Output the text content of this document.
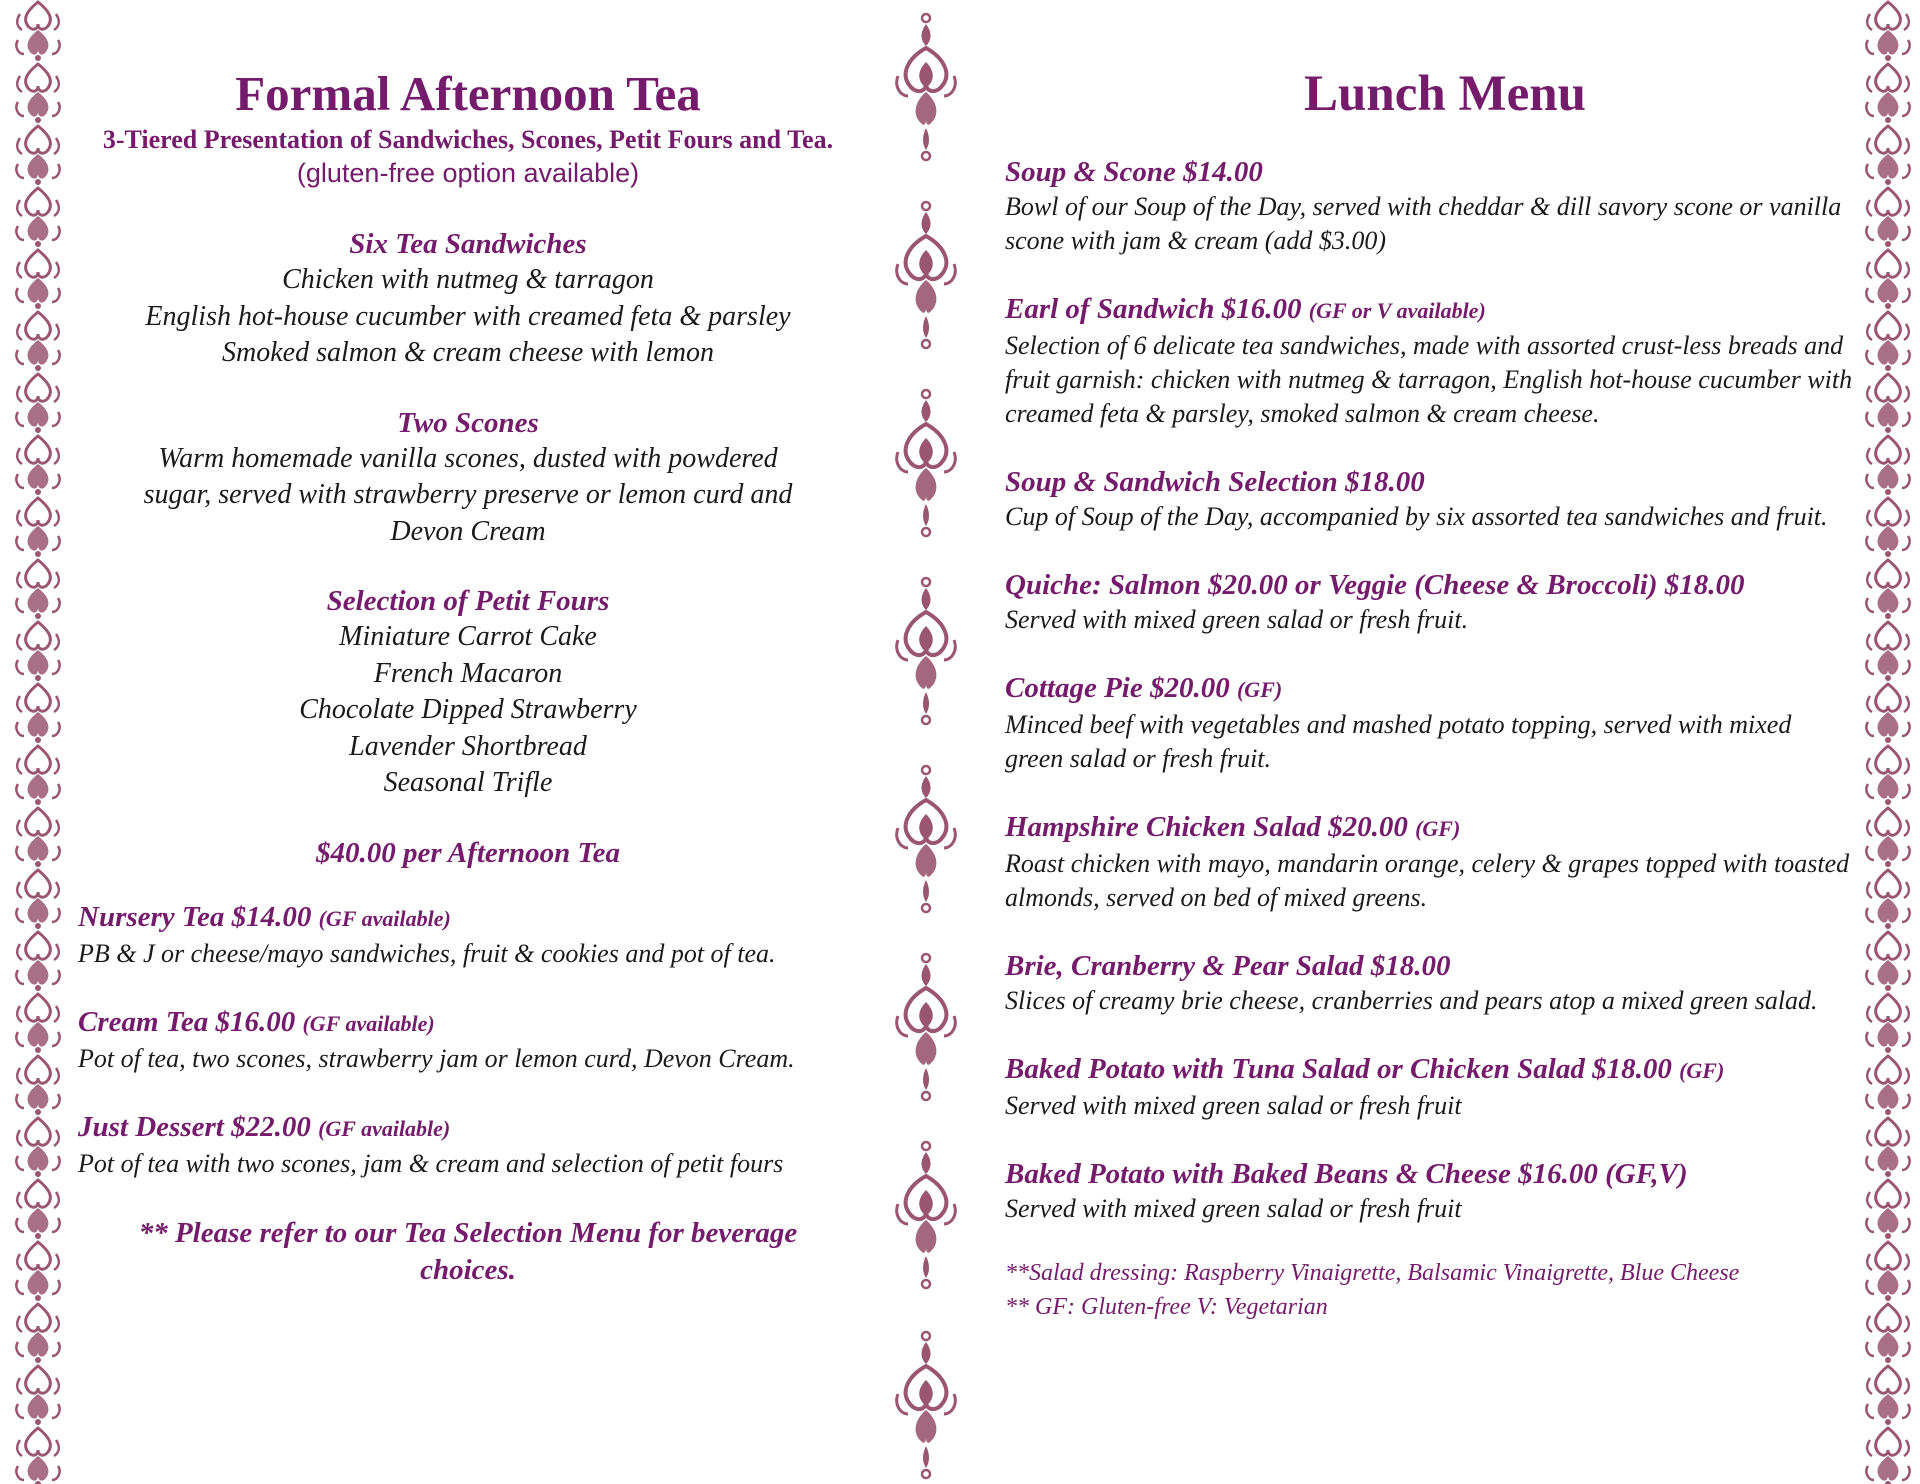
Formal Afternoon Tea
3-Tiered Presentation of Sandwiches, Scones, Petit Fours and Tea.
(gluten-free option available)
Six Tea Sandwiches
Chicken with nutmeg & tarragon
English hot-house cucumber with creamed feta & parsley
Smoked salmon & cream cheese with lemon
Two Scones
Warm homemade vanilla scones, dusted with powdered
sugar, served with strawberry preserve or lemon curd and
Devon Cream
Selection of Petit Fours
Miniature Carrot Cake
French Macaron
Chocolate Dipped Strawberry
Lavender Shortbread
Seasonal Trifle
$40.00 per Afternoon Tea
Nursery Tea $14.00 (GF available)
PB & J or cheese/mayo sandwiches, fruit & cookies and pot of tea.
Cream Tea $16.00 (GF available)
Pot of tea, two scones, strawberry jam or lemon curd, Devon Cream.
Just Dessert $22.00 (GF available)
Pot of tea with two scones, jam & cream and selection of petit fours
** Please refer to our Tea Selection Menu for beverage choices.
Lunch Menu
Soup & Scone $14.00
Bowl of our Soup of the Day, served with cheddar & dill savory scone or vanilla scone with jam & cream (add $3.00)
Earl of Sandwich $16.00 (GF or V available)
Selection of 6 delicate tea sandwiches, made with assorted crust-less breads and fruit garnish: chicken with nutmeg & tarragon, English hot-house cucumber with creamed feta & parsley, smoked salmon & cream cheese.
Soup & Sandwich Selection $18.00
Cup of Soup of the Day, accompanied by six assorted tea sandwiches and fruit.
Quiche: Salmon $20.00 or Veggie (Cheese & Broccoli) $18.00
Served with mixed green salad or fresh fruit.
Cottage Pie $20.00 (GF)
Minced beef with vegetables and mashed potato topping, served with mixed green salad or fresh fruit.
Hampshire Chicken Salad $20.00 (GF)
Roast chicken with mayo, mandarin orange, celery & grapes topped with toasted almonds, served on bed of mixed greens.
Brie, Cranberry & Pear Salad $18.00
Slices of creamy brie cheese, cranberries and pears atop a mixed green salad.
Baked Potato with Tuna Salad or Chicken Salad $18.00 (GF)
Served with mixed green salad or fresh fruit
Baked Potato with Baked Beans & Cheese $16.00 (GF,V)
Served with mixed green salad or fresh fruit
**Salad dressing: Raspberry Vinaigrette, Balsamic Vinaigrette, Blue Cheese
** GF: Gluten-free V: Vegetarian
